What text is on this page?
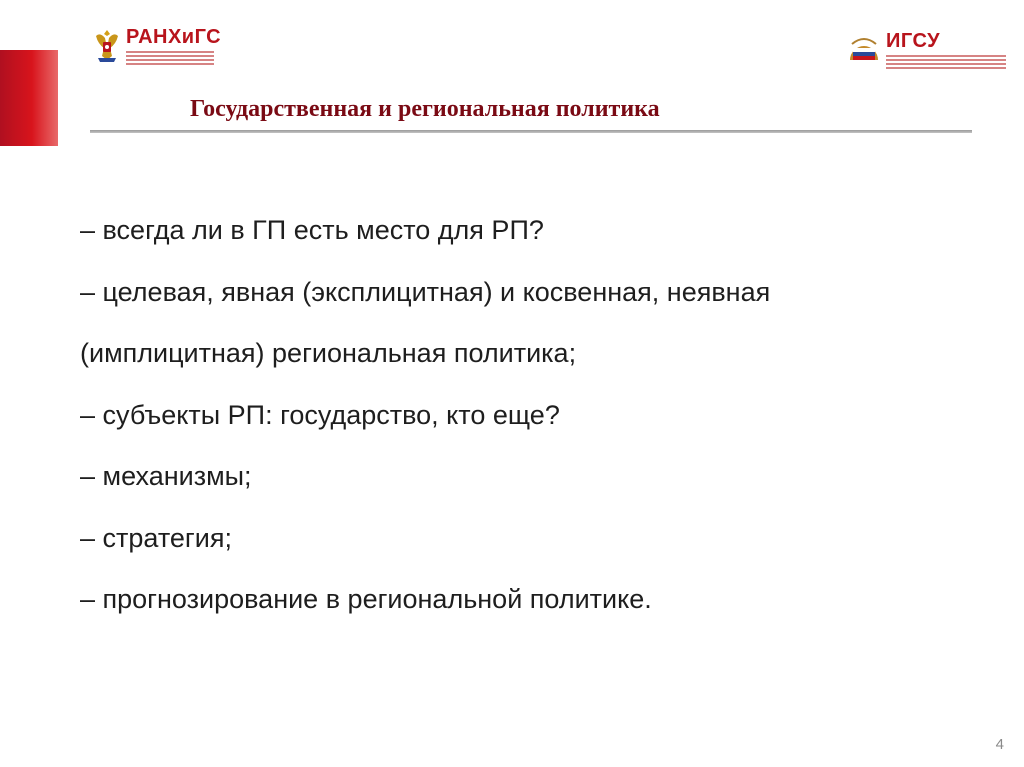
РАНХиГС	ИГСУ
Государственная и региональная политика
– всегда ли в ГП есть место для РП?
– целевая, явная (эксплицитная) и косвенная, неявная
(имплицитная) региональная политика;
– субъекты РП: государство, кто еще?
– механизмы;
– стратегия;
– прогнозирование в региональной политике.
4
